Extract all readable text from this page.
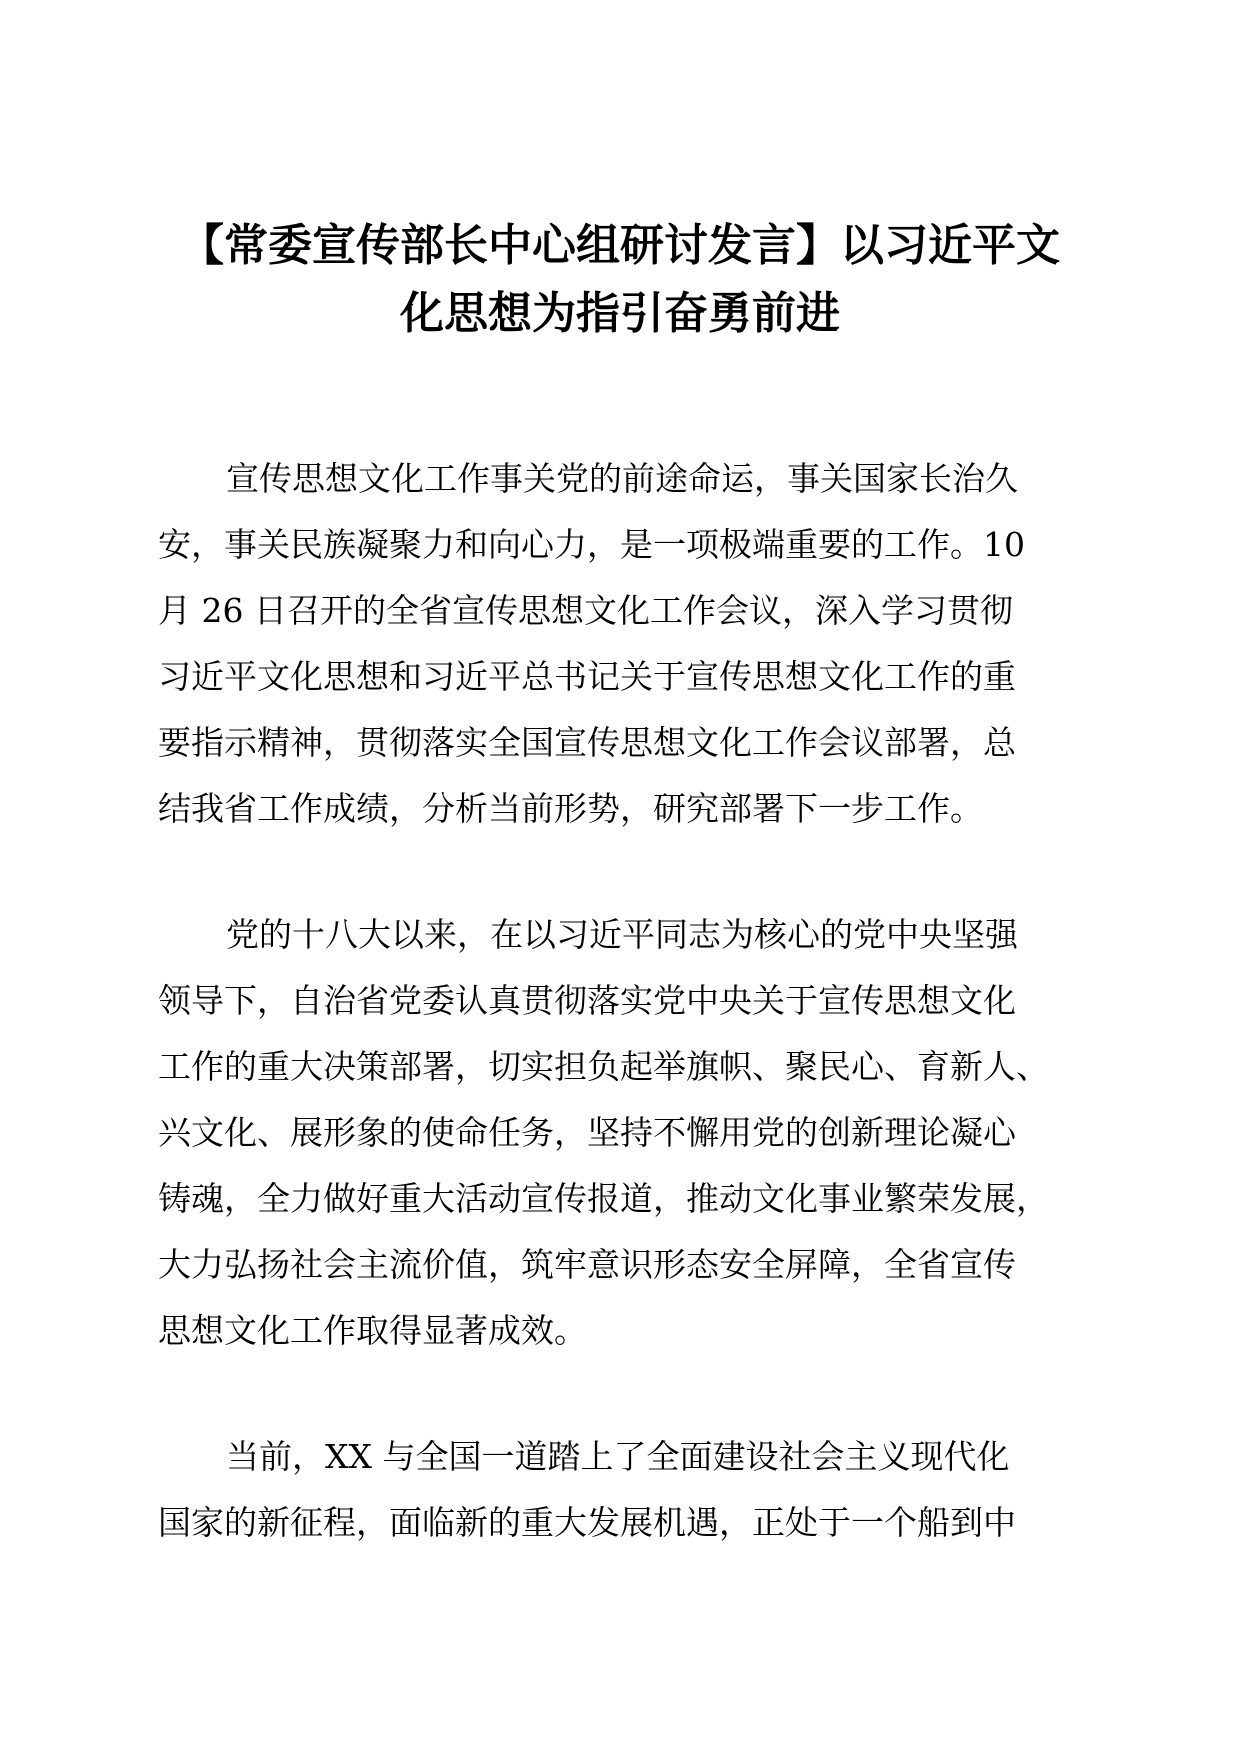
【常委宣传部长中心组研讨发言】以习近平文
化思想为指引奋勇前进
宣传思想文化工作事关党的前途命运，事关国家长治久
安，事关民族凝聚力和向心力，是一项极端重要的工作。10
月 26 日召开的全省宣传思想文化工作会议，深入学习贯彻
习近平文化思想和习近平总书记关于宣传思想文化工作的重
要指示精神，贯彻落实全国宣传思想文化工作会议部署，总
结我省工作成绩，分析当前形势，研究部署下一步工作。
党的十八大以来，在以习近平同志为核心的党中央坚强
领导下，自治省党委认真贯彻落实党中央关于宣传思想文化
工作的重大决策部署，切实担负起举旗帜、聚民心、育新人、
兴文化、展形象的使命任务，坚持不懈用党的创新理论凝心
铸魂，全力做好重大活动宣传报道，推动文化事业繁荣发展，
大力弘扬社会主流价值，筑牢意识形态安全屏障，全省宣传
思想文化工作取得显著成效。
当前，XX 与全国一道踏上了全面建设社会主义现代化
国家的新征程，面临新的重大发展机遇，正处于一个船到中
